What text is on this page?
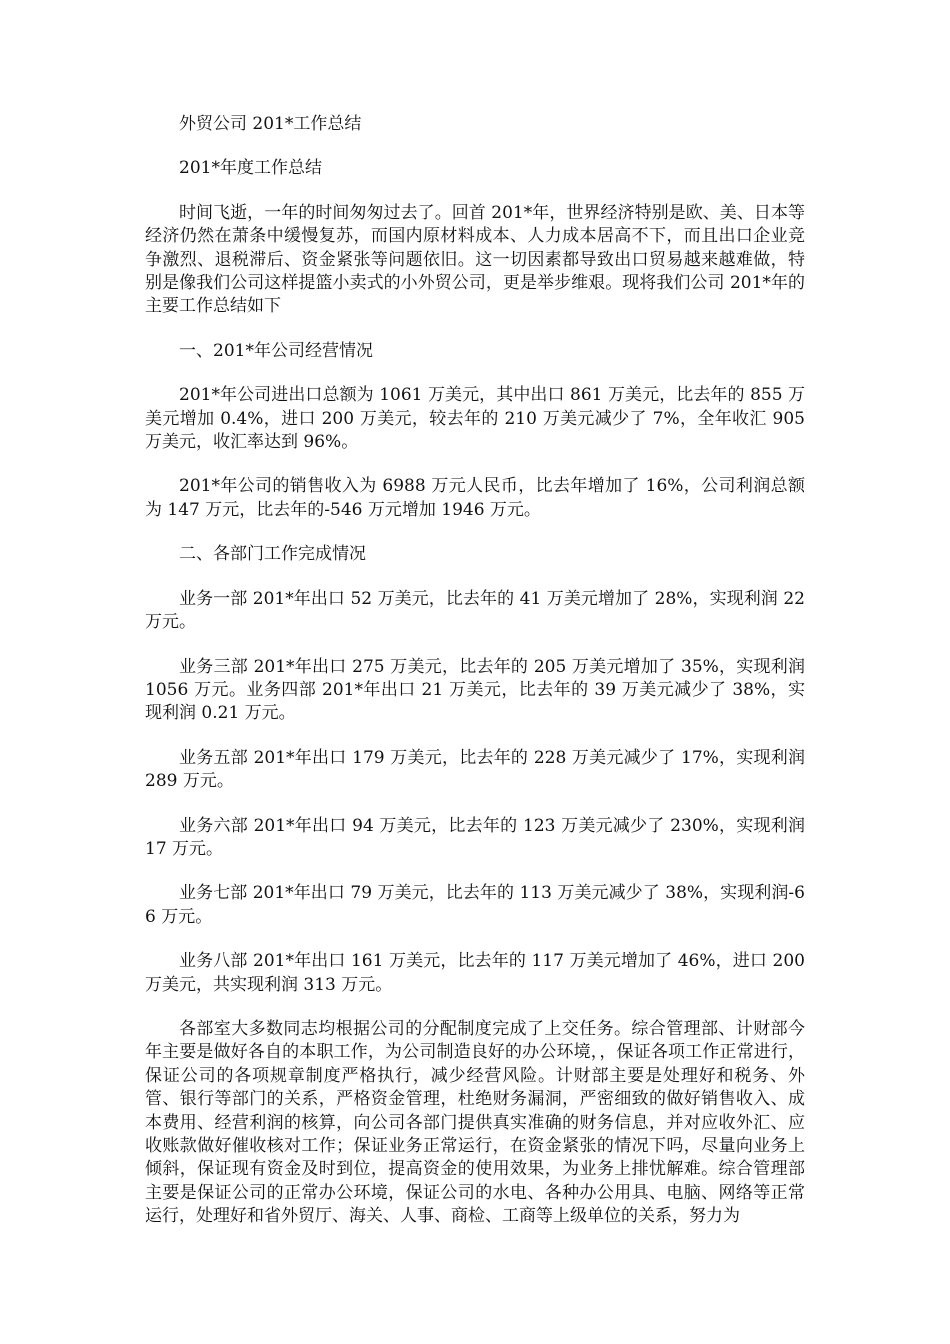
外贸公司 201*工作总结

201*年度工作总结

时间飞逝，一年的时间匆匆过去了。回首 201*年，世界经济特别是欧、美、日本等经济仍然在萧条中缓慢复苏，而国内原材料成本、人力成本居高不下，而且出口企业竞争激烈、退税滞后、资金紧张等问题依旧。这一切因素都导致出口贸易越来越难做，特别是像我们公司这样提篮小卖式的小外贸公司，更是举步维艰。现将我们公司 201*年的主要工作总结如下

一、201*年公司经营情况

201*年公司进出口总额为 1061 万美元，其中出口 861 万美元，比去年的 855 万美元增加 0.4%，进口 200 万美元，较去年的 210 万美元减少了 7%，全年收汇 905 万美元，收汇率达到 96%。

201*年公司的销售收入为 6988 万元人民币，比去年增加了 16%，公司利润总额为 147 万元，比去年的-546 万元增加 1946 万元。

二、各部门工作完成情况

业务一部 201*年出口 52 万美元，比去年的 41 万美元增加了 28%，实现利润 22 万元。

业务三部 201*年出口 275 万美元，比去年的 205 万美元增加了 35%，实现利润 1056 万元。业务四部 201*年出口 21 万美元，比去年的 39 万美元减少了 38%，实现利润 0.21 万元。

业务五部 201*年出口 179 万美元，比去年的 228 万美元减少了 17%，实现利润 289 万元。

业务六部 201*年出口 94 万美元，比去年的 123 万美元减少了 230%，实现利润 17 万元。

业务七部 201*年出口 79 万美元，比去年的 113 万美元减少了 38%，实现利润-66 万元。

业务八部 201*年出口 161 万美元，比去年的 117 万美元增加了 46%，进口 200 万美元，共实现利润 313 万元。

各部室大多数同志均根据公司的分配制度完成了上交任务。综合管理部、计财部今年主要是做好各自的本职工作，为公司制造良好的办公环境，，保证各项工作正常进行，保证公司的各项规章制度严格执行，减少经营风险。计财部主要是处理好和税务、外管、银行等部门的关系，严格资金管理，杜绝财务漏洞，严密细致的做好销售收入、成本费用、经营利润的核算，向公司各部门提供真实准确的财务信息，并对应收外汇、应收账款做好催收核对工作；保证业务正常运行，在资金紧张的情况下吗，尽量向业务上倾斜，保证现有资金及时到位，提高资金的使用效果，为业务上排忧解难。综合管理部主要是保证公司的正常办公环境，保证公司的水电、各种办公用具、电脑、网络等正常运行，处理好和省外贸厅、海关、人事、商检、工商等上级单位的关系，努力为
